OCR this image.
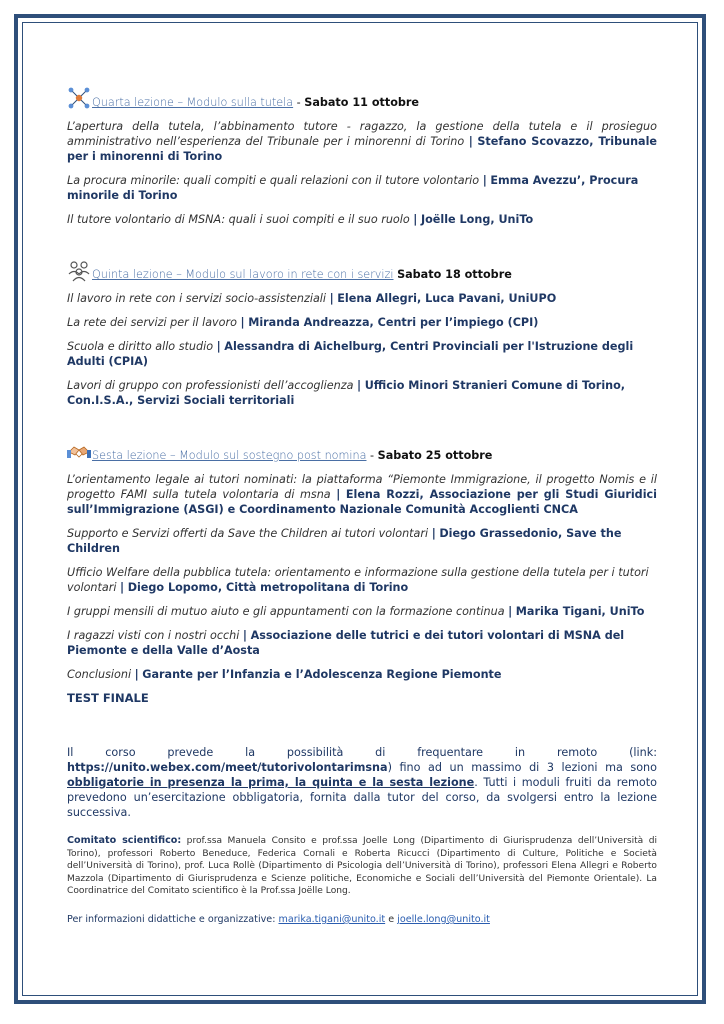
Quarta lezione – Modulo sulla tutela - Sabato 11 ottobre

L’apertura della tutela, l’abbinamento tutore - ragazzo, la gestione della tutela e il prosieguo amministrativo nell’esperienza del Tribunale per i minorenni di Torino | Stefano Scovazzo, Tribunale per i minorenni di Torino

La procura minorile: quali compiti e quali relazioni con il tutore volontario | Emma Avezzu’, Procura minorile di Torino

Il tutore volontario di MSNA: quali i suoi compiti e il suo ruolo | Joëlle Long, UniTo

Quinta lezione – Modulo sul lavoro in rete con i servizi Sabato 18 ottobre

Il lavoro in rete con i servizi socio-assistenziali | Elena Allegri, Luca Pavani, UniUPO

La rete dei servizi per il lavoro | Miranda Andreazza, Centri per l’impiego (CPI)

Scuola e diritto allo studio | Alessandra di Aichelburg, Centri Provinciali per l'Istruzione degli Adulti (CPIA)

Lavori di gruppo con professionisti dell’accoglienza | Ufficio Minori Stranieri Comune di Torino, Con.I.S.A., Servizi Sociali territoriali

Sesta lezione – Modulo sul sostegno post nomina - Sabato 25 ottobre

L’orientamento legale ai tutori nominati: la piattaforma “Piemonte Immigrazione, il progetto Nomis e il progetto FAMI sulla tutela volontaria di msna | Elena Rozzi, Associazione per gli Studi Giuridici sull’Immigrazione (ASGI) e Coordinamento Nazionale Comunità Accoglienti CNCA

Supporto e Servizi offerti da Save the Children ai tutori volontari | Diego Grassedonio, Save the Children

Ufficio Welfare della pubblica tutela: orientamento e informazione sulla gestione della tutela per i tutori volontari | Diego Lopomo, Città metropolitana di Torino

I gruppi mensili di mutuo aiuto e gli appuntamenti con la formazione continua | Marika Tigani, UniTo

I ragazzi visti con i nostri occhi | Associazione delle tutrici e dei tutori volontari di MSNA del Piemonte e della Valle d’Aosta

Conclusioni | Garante per l’Infanzia e l’Adolescenza Regione Piemonte

TEST FINALE

Il corso prevede la possibilità di frequentare in remoto (link: https://unito.webex.com/meet/tutorivolontarimsna) fino ad un massimo di 3 lezioni ma sono obbligatorie in presenza la prima, la quinta e la sesta lezione. Tutti i moduli fruiti da remoto prevedono un’esercitazione obbligatoria, fornita dalla tutor del corso, da svolgersi entro la lezione successiva.

Comitato scientifico: prof.ssa Manuela Consito e prof.ssa Joelle Long (Dipartimento di Giurisprudenza dell’Università di Torino), professori Roberto Beneduce, Federica Cornali e Roberta Ricucci (Dipartimento di Culture, Politiche e Società dell’Università di Torino), prof. Luca Rollè (Dipartimento di Psicologia dell’Università di Torino), professori Elena Allegri e Roberto Mazzola (Dipartimento di Giurisprudenza e Scienze politiche, Economiche e Sociali dell’Università del Piemonte Orientale). La Coordinatrice del Comitato scientifico è la Prof.ssa Joëlle Long.

Per informazioni didattiche e organizzative: marika.tigani@unito.it e joelle.long@unito.it
